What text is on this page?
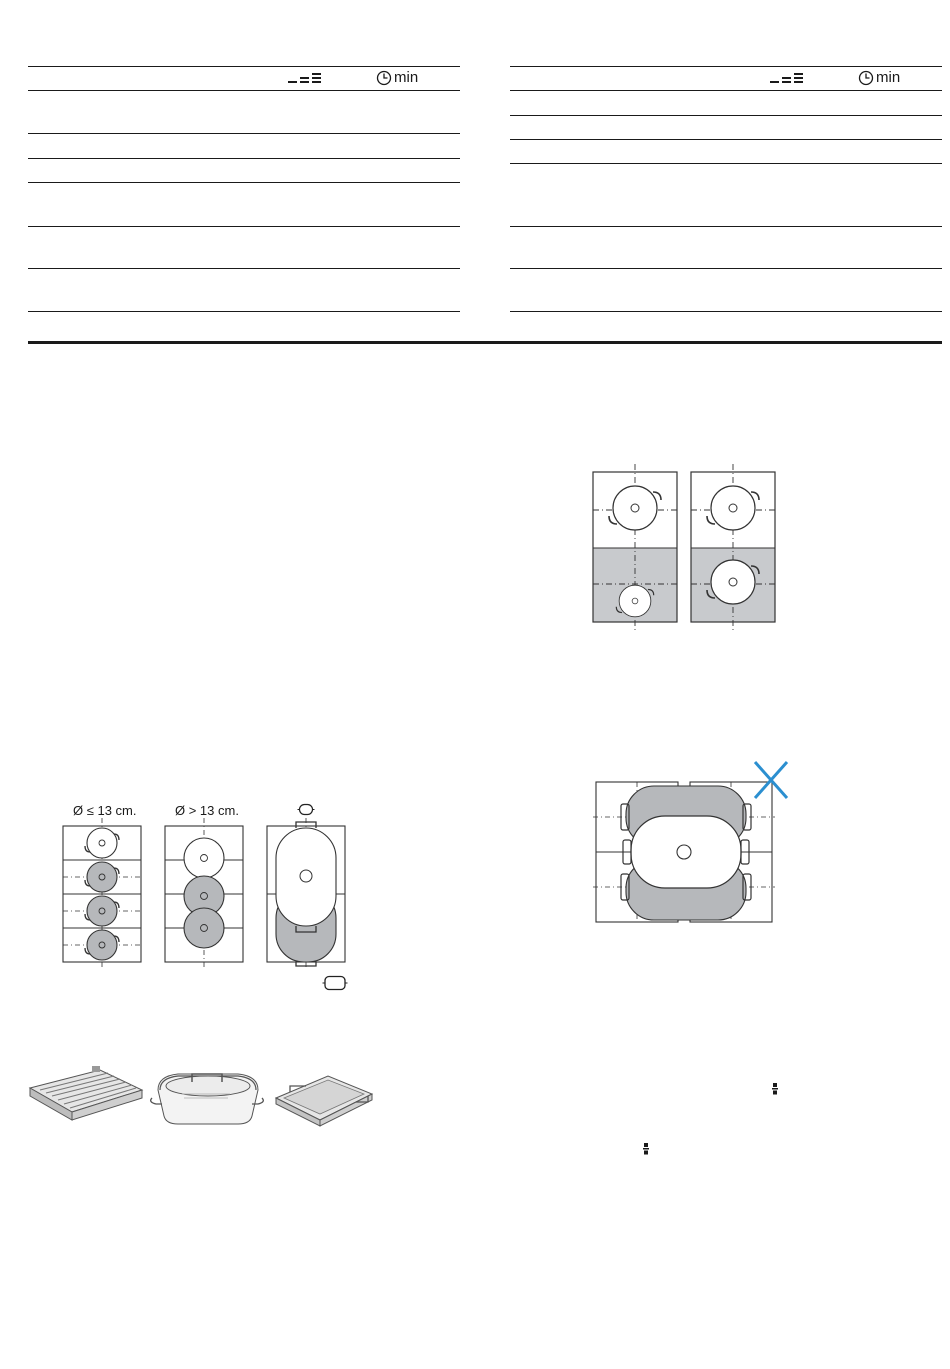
min	min
Ø ≤ 13 cm.	Ø > 13 cm.
